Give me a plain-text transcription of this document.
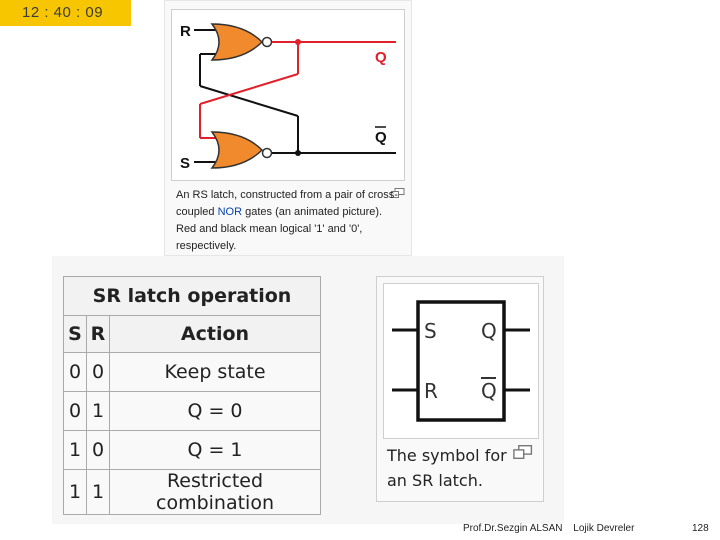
12 : 40 : 09
R
S
Q
Q
An RS latch, constructed from a pair of cross-coupled NOR gates (an animated picture). Red and black mean logical '1' and '0', respectively.
SR latch operation		
S	R	Action
0	0	Keep state
0	1	Q = 0
1	0	Q = 1
1	1	Restricted combination
S
R
Q
Q
The symbol for an SR latch.
Prof.Dr.Sezgin ALSAN Lojik Devreler	128
